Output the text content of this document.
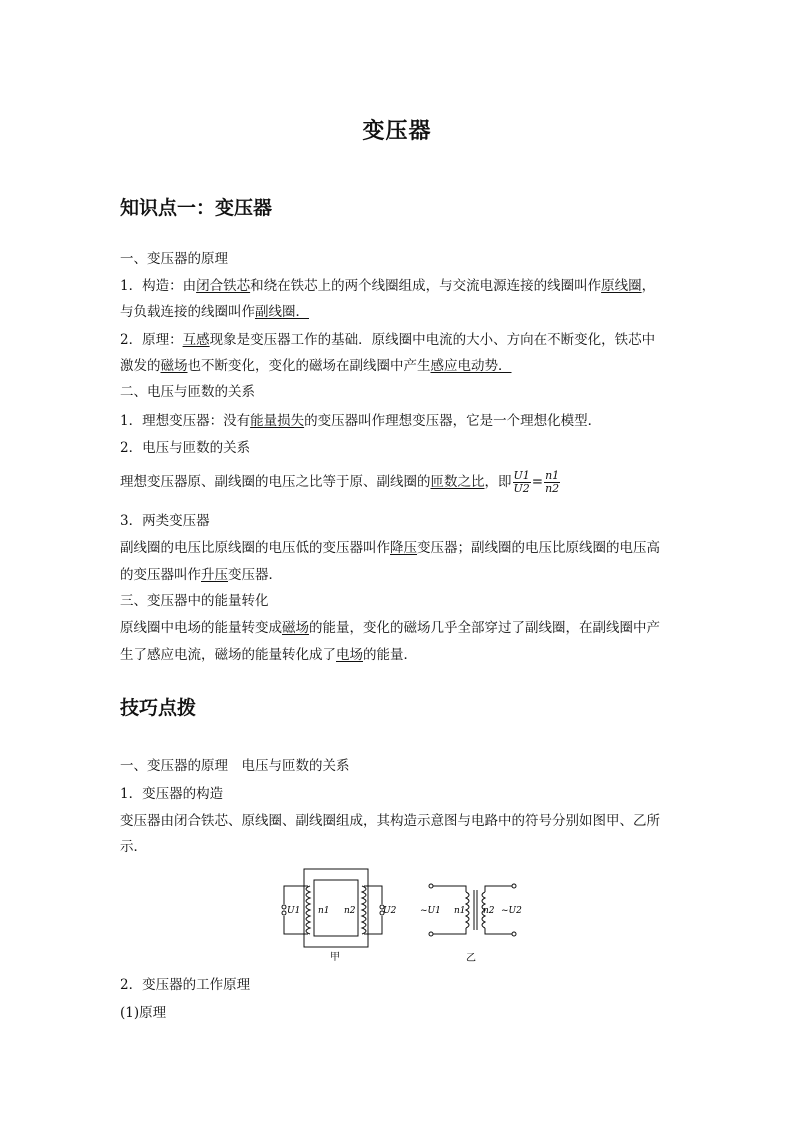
变压器
知识点一：变压器
一、变压器的原理
1．构造：由闭合铁芯和绕在铁芯上的两个线圈组成，与交流电源连接的线圈叫作原线圈，
与负载连接的线圈叫作副线圈．
2．原理：互感现象是变压器工作的基础．原线圈中电流的大小、方向在不断变化，铁芯中
激发的磁场也不断变化，变化的磁场在副线圈中产生感应电动势．
二、电压与匝数的关系
1．理想变压器：没有能量损失的变压器叫作理想变压器，它是一个理想化模型．
2．电压与匝数的关系
理想变压器原、副线圈的电压之比等于原、副线圈的匝数之比，即 $\frac{U1}{U2} = \frac{n1}{n2}$
3．两类变压器
副线圈的电压比原线圈的电压低的变压器叫作降压变压器；副线圈的电压比原线圈的电压高
的变压器叫作升压变压器．
三、变压器中的能量转化
原线圈中电场的能量转变成磁场的能量，变化的磁场几乎全部穿过了副线圈，在副线圈中产
生了感应电流，磁场的能量转化成了电场的能量．
技巧点拨
一、变压器的原理　电压与匝数的关系
1．变压器的构造
变压器由闭合铁芯、原线圈、副线圈组成，其构造示意图与电路中的符号分别如图甲、乙所
示．
U1 n1 n2	U2	~U1 n1 n2 ~U2
甲	乙
2．变压器的工作原理
(1)原理
